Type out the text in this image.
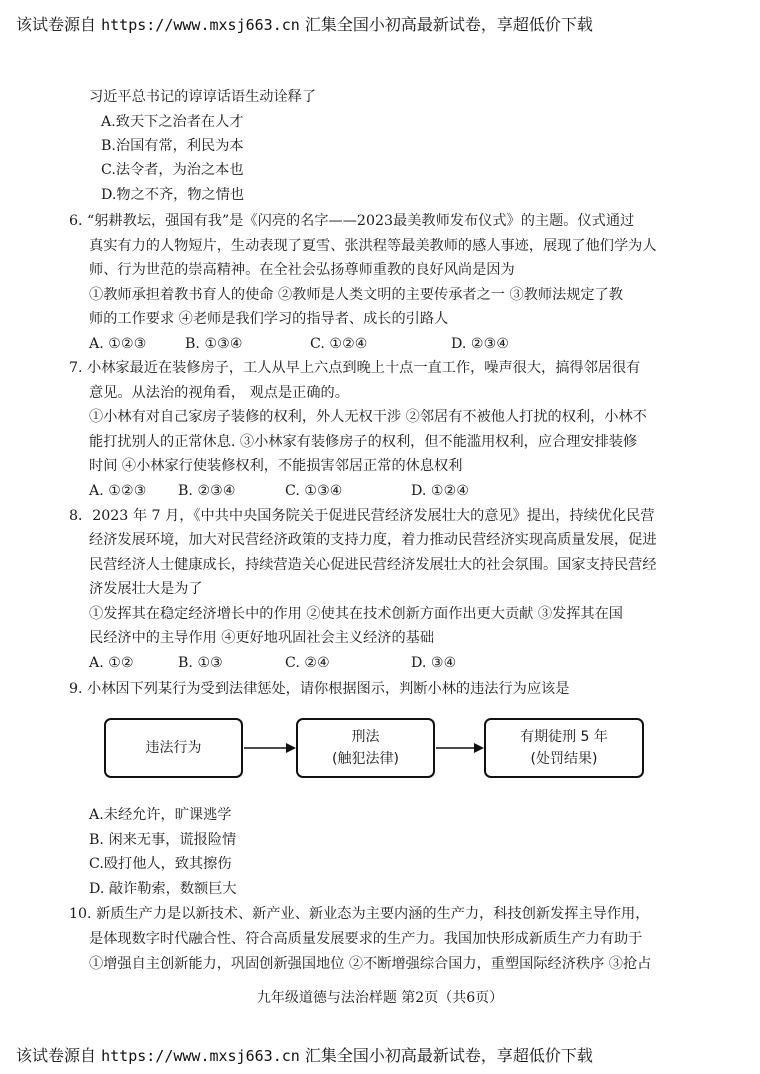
该试卷源自 https://www.mxsj663.cn 汇集全国小初高最新试卷，享超低价下载
习近平总书记的谆谆话语生动诠释了
A.致天下之治者在人才
B.治国有常，利民为本
C.法令者，为治之本也
D.物之不齐，物之情也
6. “躬耕教坛，强国有我”是《闪亮的名字——2023最美教师发布仪式》的主题。仪式通过
真实有力的人物短片，生动表现了夏雪、张洪程等最美教师的感人事迹，展现了他们学为人
师、行为世范的崇高精神。在全社会弘扬尊师重教的良好风尚是因为
①教师承担着教书育人的使命 ②教师是人类文明的主要传承者之一 ③教师法规定了教
师的工作要求 ④老师是我们学习的指导者、成长的引路人
A. ①②③	B. ①③④	C. ①②④	D. ②③④
7. 小林家最近在装修房子，工人从早上六点到晚上十点一直工作，噪声很大，搞得邻居很有
意见。从法治的视角看， 观点是正确的。
①小林有对自己家房子装修的权利，外人无权干涉 ②邻居有不被他人打扰的权利，小林不
能打扰别人的正常休息. ③小林家有装修房子的权利，但不能滥用权利，应合理安排装修
时间 ④小林家行使装修权利，不能损害邻居正常的休息权利
A. ①②③ B. ②③④	C. ①③④	D. ①②④
8．2023 年 7 月，《中共中央国务院关于促进民营经济发展壮大的意见》提出，持续优化民营
经济发展环境，加大对民营经济政策的支持力度，着力推动民营经济实现高质量发展，促进
民营经济人士健康成长，持续营造关心促进民营经济发展壮大的社会氛围。国家支持民营经
济发展壮大是为了
①发挥其在稳定经济增长中的作用 ②使其在技术创新方面作出更大贡献 ③发挥其在国
民经济中的主导作用 ④更好地巩固社会主义经济的基础
A. ①②	B. ①③	C. ②④	D. ③④
9. 小林因下列某行为受到法律惩处，请你根据图示，判断小林的违法行为应该是
违法行为
刑法
(触犯法律)
有期徒刑 5 年
(处罚结果)
A.未经允许，旷课逃学
B. 闲来无事，谎报险情
C.殴打他人，致其擦伤
D. 敲诈勒索，数额巨大
10. 新质生产力是以新技术、新产业、新业态为主要内涵的生产力，科技创新发挥主导作用，
是体现数字时代融合性、符合高质量发展要求的生产力。我国加快形成新质生产力有助于
①增强自主创新能力，巩固创新强国地位 ②不断增强综合国力，重塑国际经济秩序 ③抢占
九年级道德与法治样题 第2页（共6页）
该试卷源自 https://www.mxsj663.cn 汇集全国小初高最新试卷，享超低价下载
